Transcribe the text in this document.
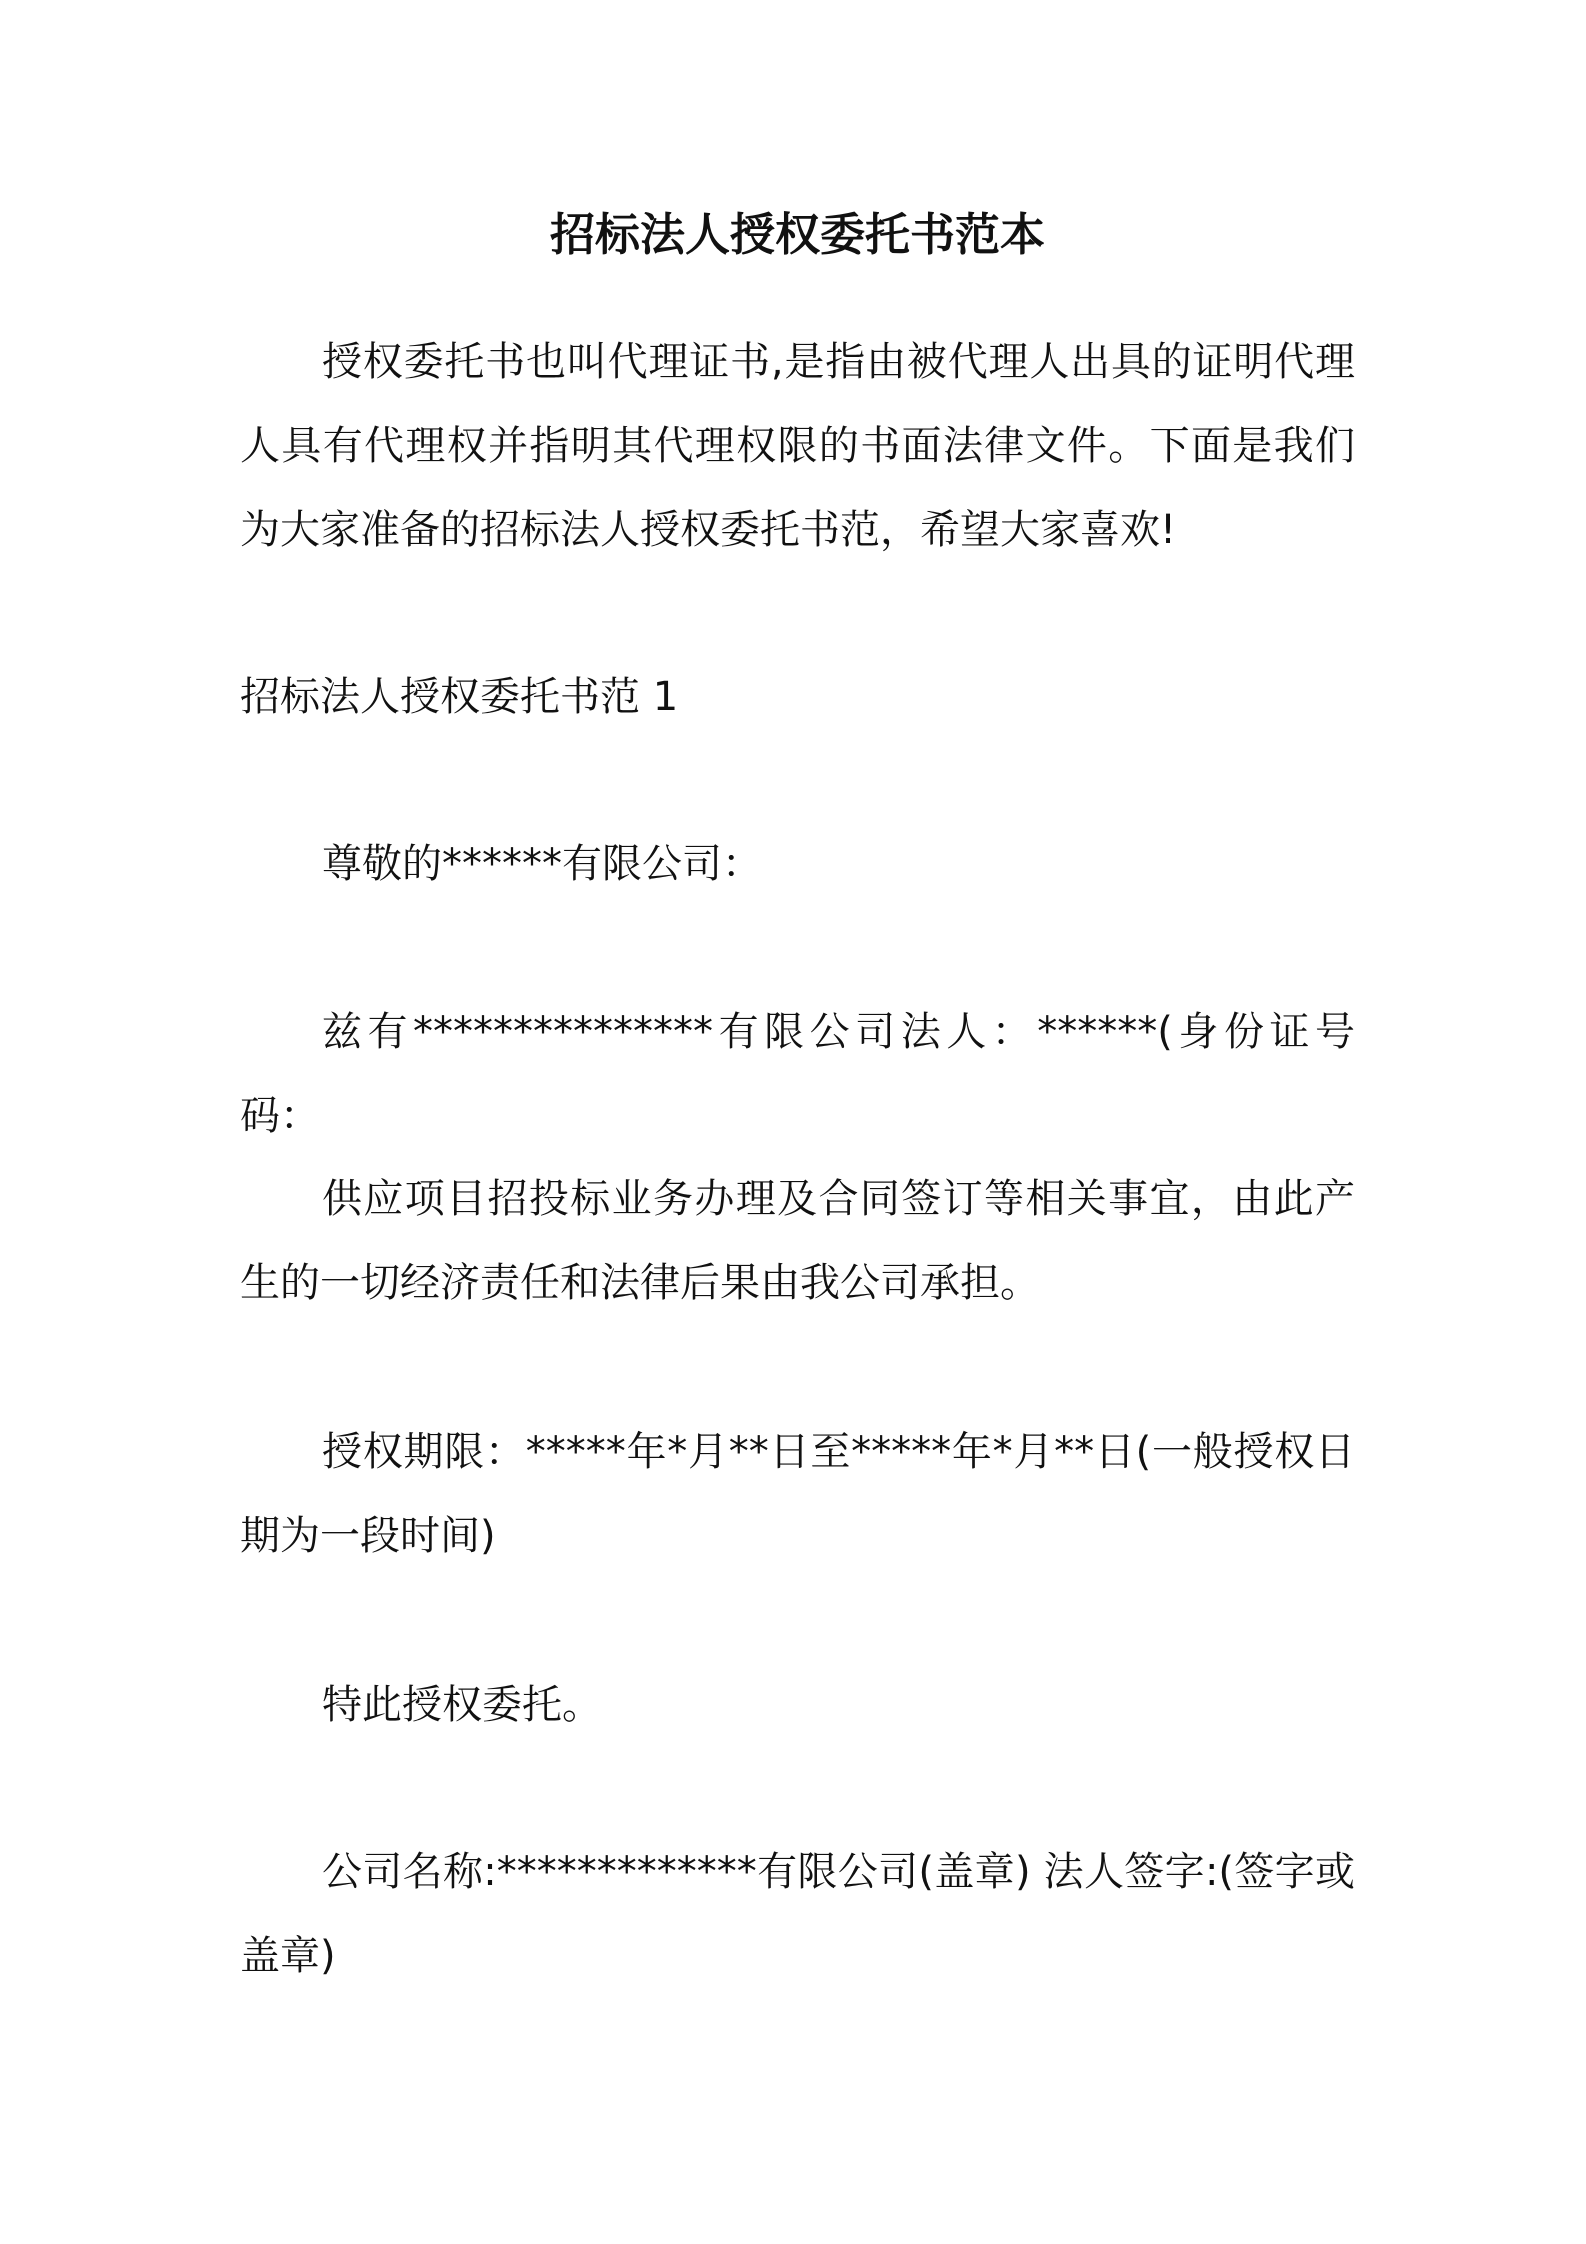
招标法人授权委托书范本

授权委托书也叫代理证书,是指由被代理人出具的证明代理人具有代理权并指明其代理权限的书面法律文件。下面是我们为大家准备的招标法人授权委托书范，希望大家喜欢!

招标法人授权委托书范 1

尊敬的******有限公司：

兹有***************有限公司法人：******(身份证号码：

供应项目招投标业务办理及合同签订等相关事宜，由此产生的一切经济责任和法律后果由我公司承担。

授权期限：*****年*月**日至*****年*月**日(一般授权日期为一段时间)

特此授权委托。

公司名称:*************有限公司(盖章) 法人签字:(签字或盖章)
